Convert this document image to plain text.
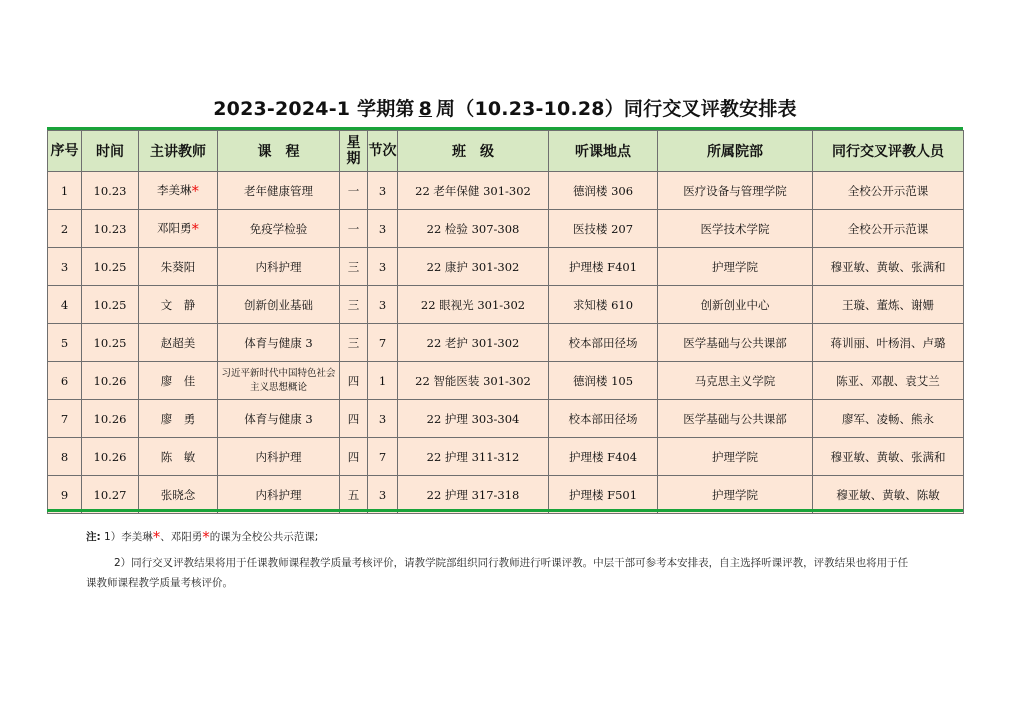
2023-2024-1 学期第 8 周（10.23-10.28）同行交叉评教安排表
序号	时间	主讲教师	课　程	星期	节次	班　级	听课地点	所属院部	同行交叉评教人员
1	10.23	李美琳*	老年健康管理	一	3	22 老年保健 301-302	德润楼 306	医疗设备与管理学院	全校公开示范课
2	10.23	邓阳勇*	免疫学检验	一	3	22 检验 307-308	医技楼 207	医学技术学院	全校公开示范课
3	10.25	朱葵阳	内科护理	三	3	22 康护 301-302	护理楼 F401	护理学院	穆亚敏、黄敏、张满和
4	10.25	文　静	创新创业基础	三	3	22 眼视光 301-302	求知楼 610	创新创业中心	王璇、董炼、谢姗
5	10.25	赵超美	体育与健康 3	三	7	22 老护 301-302	校本部田径场	医学基础与公共课部	蒋训丽、叶杨涓、卢璐
6	10.26	廖　佳	习近平新时代中国特色社会主义思想概论	四	1	22 智能医装 301-302	德润楼 105	马克思主义学院	陈亚、邓靓、袁艾兰
7	10.26	廖　勇	体育与健康 3	四	3	22 护理 303-304	校本部田径场	医学基础与公共课部	廖军、凌畅、熊永
8	10.26	陈　敏	内科护理	四	7	22 护理 311-312	护理楼 F404	护理学院	穆亚敏、黄敏、张满和
9	10.27	张晓念	内科护理	五	3	22 护理 317-318	护理楼 F501	护理学院	穆亚敏、黄敏、陈敏
注: 1）李美琳*、邓阳勇*的课为全校公共示范课;
2）同行交叉评教结果将用于任课教师课程教学质量考核评价，请教学院部组织同行教师进行听课评教。中层干部可参考本安排表，自主选择听课评教，评教结果也将用于任
课教师课程教学质量考核评价。
